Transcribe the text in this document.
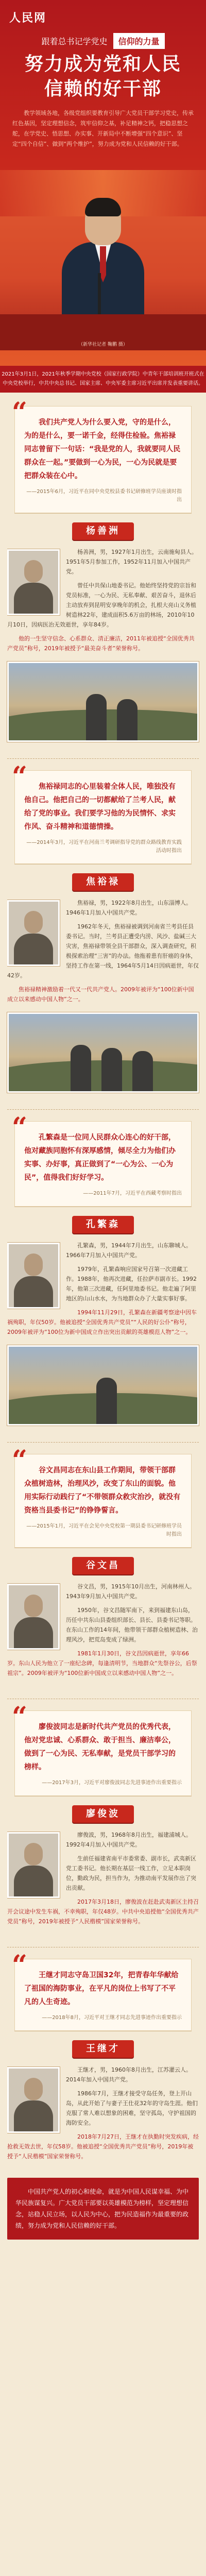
人民网
跟着总书记学党史 信仰的力量
努力成为党和人民
信赖的好干部
教学领域各地，各级党组织要教育引导广大党员干部学习党史，传承红色基因，坚定理想信念，筑牢信仰之基，补足精神之钙，把稳思想之舵，在学党史、悟思想、办实事、开新局中不断增强“四个意识”、坚定“四个自信”、做到“两个维护”，努力成为党和人民信赖的好干部。
（新华社记者 鞠鹏 摄）
2021年3月1日，2021年秋季学期中央党校（国家行政学院）中青年干部培训班开班式在中央党校举行，中共中央总书记、国家主席、中央军委主席习近平出席并发表重要讲话。
“	我们共产党人为什么要入党，守的是什么，为的是什么，要一诺千金，经得住检验。焦裕禄同志曾留下一句话：“我是党的人，我就要同人民群众在一起。”要做到一心为民，一心为民就是要把群众装在心中。
——2015年6月，习近平在同中央党校县委书记研修班学员座谈时指出
杨善洲

杨善洲，男，1927年1月出生，云南施甸县人。1951年5月参加工作，1952年11月加入中国共产党。

曾任中共保山地委书记。他始终坚持党的宗旨和党员标准，一心为民、无私奉献、艰苦奋斗，退休后主动放弃到昆明安享晚年的机会，扎根大亮山义务植树造林22年，建成面积5.6万亩的林场，2010年10月10日，因病医治无效逝世，享年84岁。

他的一生坚守信念、心系群众、清正廉洁，2011年被追授“全国优秀共产党员”称号，2019年被授予“最美奋斗者”荣誉称号。

“	焦裕禄同志的心里装着全体人民，唯独没有他自己。他把自己的一切都献给了兰考人民，献给了党的事业。我们要学习他的为民情怀、求实作风、奋斗精神和道德情操。
——2014年3月，习近平在河南兰考调研指导党的群众路线教育实践活动时指出
焦裕禄

焦裕禄，男，1922年8月出生，山东淄博人。1946年1月加入中国共产党。

1962年冬天，焦裕禄被调到河南省兰考县任县委书记。当时，兰考县正遭受内涝、风沙、盐碱三大灾害，焦裕禄带领全县干部群众，深入调查研究，积极探索治理“三害”的办法。他拖着患有肝癌的身体，坚持工作在第一线，1964年5月14日因病逝世，年仅42岁。

焦裕禄精神激励着一代又一代共产党人。2009年被评为“100位新中国成立以来感动中国人物”之一。

“	孔繁森是一位同人民群众心连心的好干部，他对藏族同胞怀有深厚感情，倾尽全力为他们办实事、办好事，真正做到了“一心为公、一心为民”，值得我们好好学习。
——2011年7月，习近平在西藏考察时指出
孔繁森

孔繁森，男，1944年7月出生，山东聊城人。1966年7月加入中国共产党。

1979年，孔繁森响应国家号召第一次进藏工作。1988年，他再次进藏，任拉萨市副市长。1992年，他第三次进藏，任阿里地委书记。他走遍了阿里地区的山山水水，为当地群众办了大量实事好事。

1994年11月29日，孔繁森在新疆考察途中因车祸殉职，年仅50岁。他被追授“全国优秀共产党员”“人民的好公仆”称号，2009年被评为“100位为新中国成立作出突出贡献的英雄模范人物”之一。

“	谷文昌同志在东山县工作期间，带领干部群众植树造林，治理风沙，改变了东山的面貌。他用实际行动践行了“不带领群众救灾治沙，就没有资格当县委书记”的铮铮誓言。
——2015年1月，习近平在会见中央党校第一期县委书记研修班学员时指出
谷文昌

谷文昌，男，1915年10月出生，河南林州人。1943年9月加入中国共产党。

1950年，谷文昌随军南下，来到福建东山岛，历任中共东山县委组织部长、县长、县委书记等职。在东山工作的14年间，他带领干部群众植树造林、治理风沙，把荒岛变成了绿洲。

1981年1月30日，谷文昌因病逝世，享年66岁。东山人民为他立了一座纪念碑，每逢清明节，当地群众“先祭谷公，后祭祖宗”。2009年被评为“100位新中国成立以来感动中国人物”之一。

“	廖俊波同志是新时代共产党员的优秀代表，他对党忠诚、心系群众、敢于担当、廉洁奉公，做到了一心为民、无私奉献，是党员干部学习的榜样。
——2017年3月，习近平对廖俊波同志先进事迹作出重要指示
廖俊波

廖俊波，男，1968年8月出生，福建浦城人。1992年4月加入中国共产党。

生前任福建省南平市委常委、副市长，武夷新区党工委书记。他长期在基层一线工作，立足本职岗位，勤政为民，担当作为，为推动南平发展作出了突出贡献。

2017年3月18日，廖俊波在赶赴武夷新区主持召开会议途中发生车祸，不幸殉职，年仅48岁。中共中央追授他“全国优秀共产党员”称号，2019年被授予“人民楷模”国家荣誉称号。

“	王继才同志守岛卫国32年，把青春年华献给了祖国的海防事业，在平凡的岗位上书写了不平凡的人生奇迹。
——2018年8月，习近平对王继才同志先进事迹作出重要指示
王继才

王继才，男，1960年8月出生，江苏灌云人。2014年加入中国共产党。

1986年7月，王继才接受守岛任务，登上开山岛，从此开始了与妻子王仕花32年的守岛生涯。他们克服了常人难以想象的困难，坚守孤岛，守护祖国的海防安全。

2018年7月27日，王继才在执勤时突发疾病，经抢救无效去世，年仅58岁。他被追授“全国优秀共产党员”称号，2019年被授予“人民楷模”国家荣誉称号。

中国共产党人的初心和使命，就是为中国人民谋幸福、为中华民族谋复兴。广大党员干部要以英雄模范为榜样，坚定理想信念，站稳人民立场，以人民为中心，把为民造福作为最重要的政绩，努力成为党和人民信赖的好干部。
